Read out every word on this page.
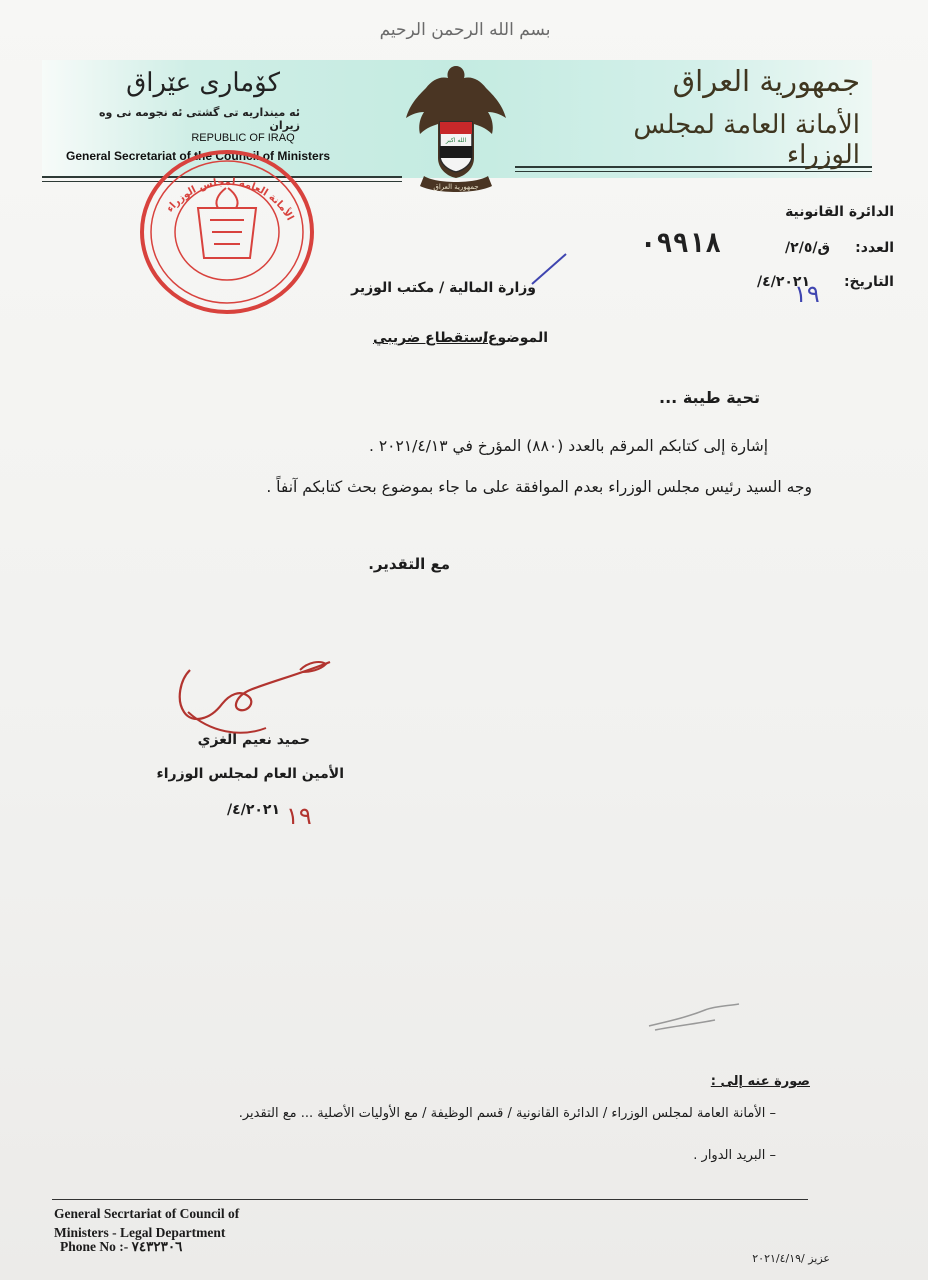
بسم الله الرحمن الرحيم
كۆماری عێراق
ئه‌ مینداریه‌ تی گشتی ئه‌ نجومه‌ نی وه‌ زیران
REPUBLIC OF IRAQ
General Secretariat of the Council of Ministers
جمهورية العراق
الأمانة العامة لمجلس الوزراء
الله اكبر
جمهورية العراق
الأمانة العامة لمجلس الوزراء	الدائرة القانونية
العدد:
ق/٢/٥/
٠٩٩١٨
التاريخ:
/٤/٢٠٢١
١٩
وزارة المالية / مكتب الوزير
الموضوع/
استقطاع ضريبي
تحية طيبة ...
إشارة إلى كتابكم المرقم بالعدد (٨٨٠) المؤرخ في ٢٠٢١/٤/١٣ .
وجه السيد رئيس مجلس الوزراء بعدم الموافقة على ما جاء بموضوع بحث كتابكم آنفاً .
مع التقدير.
حميد نعيم الغزي
الأمين العام لمجلس الوزراء
/٤/٢٠٢١ ١٩
صورة عنه إلى :
– الأمانة العامة لمجلس الوزراء / الدائرة القانونية / قسم الوظيفة / مع الأوليات الأصلية ... مع التقدير.
– البريد الدوار .
General Secrtariat of Council of
Ministers - Legal Department
Phone No :- ٧٤٣٢٣٠٦
عزيز /٢٠٢١/٤/١٩
